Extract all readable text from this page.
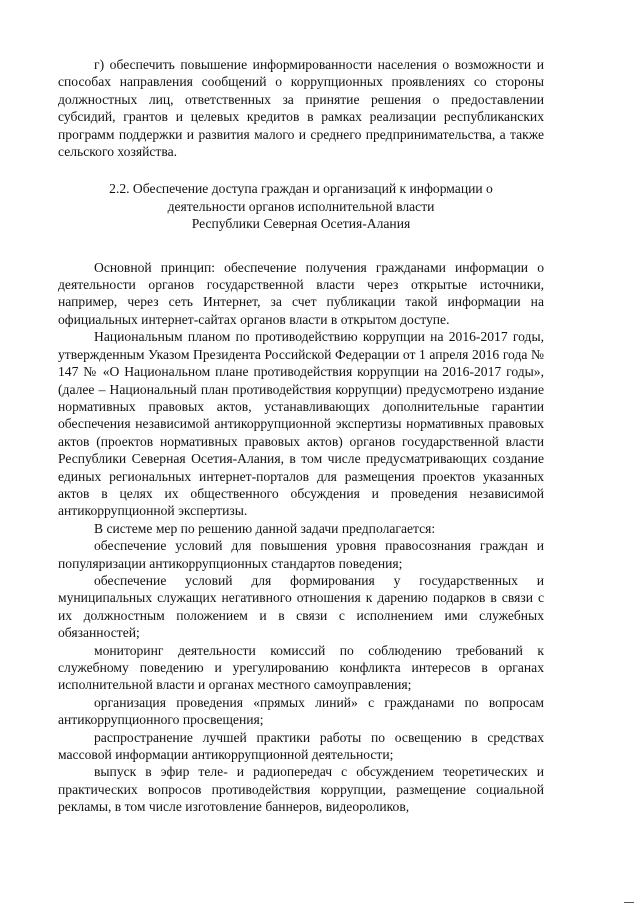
г) обеспечить повышение информированности населения о возможности и способах направления сообщений о коррупционных проявлениях со стороны должностных лиц, ответственных за принятие решения о предоставлении субсидий, грантов и целевых кредитов в рамках реализации республиканских программ поддержки и развития малого и среднего предпринимательства, а также сельского хозяйства.

2.2. Обеспечение доступа граждан и организаций к информации о
деятельности органов исполнительной власти
Республики Северная Осетия-Алания

Основной принцип: обеспечение получения гражданами информации о деятельности органов государственной власти через открытые источники, например, через сеть Интернет, за счет публикации такой информации на официальных интернет-сайтах органов власти в открытом доступе.

Национальным планом по противодействию коррупции на 2016-2017 годы, утвержденным Указом Президента Российской Федерации от 1 апреля 2016 года № 147 № «О Национальном плане противодействия коррупции на 2016-2017 годы», (далее – Национальный план противодействия коррупции) предусмотрено издание нормативных правовых актов, устанавливающих дополнительные гарантии обеспечения независимой антикоррупционной экспертизы нормативных правовых актов (проектов нормативных правовых актов) органов государственной власти Республики Северная Осетия-Алания, в том числе предусматривающих создание единых региональных интернет-порталов для размещения проектов указанных актов в целях их общественного обсуждения и проведения независимой антикоррупционной экспертизы.

В системе мер по решению данной задачи предполагается:

обеспечение условий для повышения уровня правосознания граждан и популяризации антикоррупционных стандартов поведения;

обеспечение условий для формирования у государственных и муниципальных служащих негативного отношения к дарению подарков в связи с их должностным положением и в связи с исполнением ими служебных обязанностей;

мониторинг деятельности комиссий по соблюдению требований к служебному поведению и урегулированию конфликта интересов в органах исполнительной власти и органах местного самоуправления;

организация проведения «прямых линий» с гражданами по вопросам антикоррупционного просвещения;

распространение лучшей практики работы по освещению в средствах массовой информации антикоррупционной деятельности;

выпуск в эфир теле- и радиопередач с обсуждением теоретических и практических вопросов противодействия коррупции, размещение социальной рекламы, в том числе изготовление баннеров, видеороликов,
